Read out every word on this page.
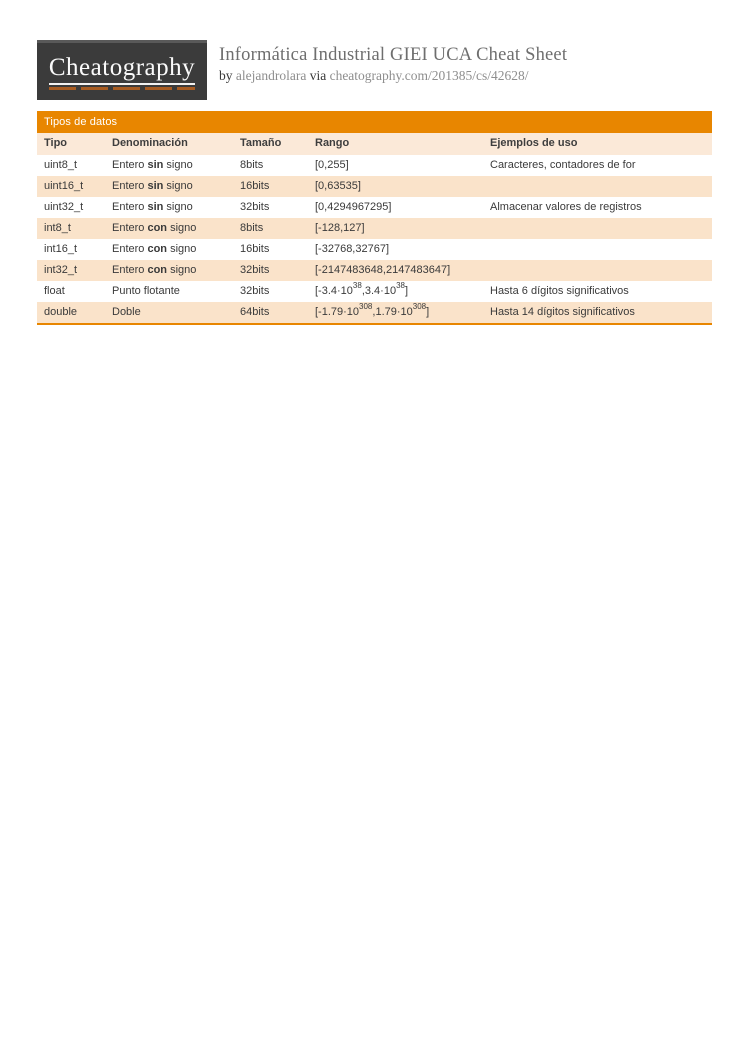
Cheatography Informática Industrial GIEI UCA Cheat Sheet
by alejandrolara via cheatography.com/201385/cs/42628/
Tipos de datos
Tipo	Denominación	Tamaño	Rango	Ejemplos de uso
uint8_t	Entero sin signo	8bits	[0,255]	Caracteres, contadores de for
uint16_t	Entero sin signo	16bits	[0,63535]	
uint32_t	Entero sin signo	32bits	[0,4294967295]	Almacenar valores de registros
int8_t	Entero con signo	8bits	[-128,127]	
int16_t	Entero con signo	16bits	[-32768,32767]	
int32_t	Entero con signo	32bits	[-2147483648,2147483647]	
float	Punto flotante	32bits	$[-3.4\cdot 10^{38},3.4\cdot 10^{38}]$	Hasta 6 dígitos significativos
double	Doble	64bits	$[-1.79\cdot 10^{308},1.79\cdot 10^{308}]$	Hasta 14 dígitos significativos
